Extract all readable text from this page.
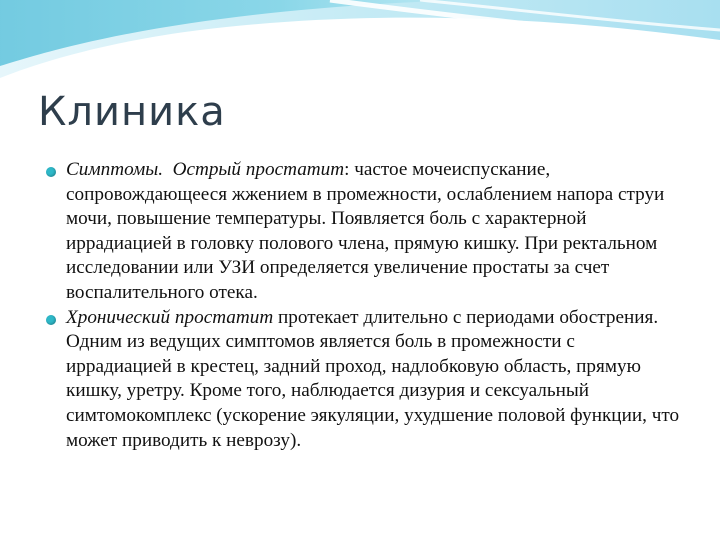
Клиника
Симптомы. Острый простатит: частое мочеиспускание, сопровождающееся жжением в промежности, ослаблением напора струи мочи, повышение температуры. Появляется боль с характерной иррадиацией в головку полового члена, прямую кишку. При ректальном исследовании или УЗИ определяется увеличение простаты за счет воспалительного отека.
Хронический простатит протекает длительно с периодами обострения. Одним из ведущих симптомов является боль в промежности с иррадиацией в крестец, задний проход, надлобковую область, прямую кишку, уретру. Кроме того, наблюдается дизурия и сексуальный симтомокомплекс (ускорение эякуляции, ухудшение половой функции, что может приводить к неврозу).
